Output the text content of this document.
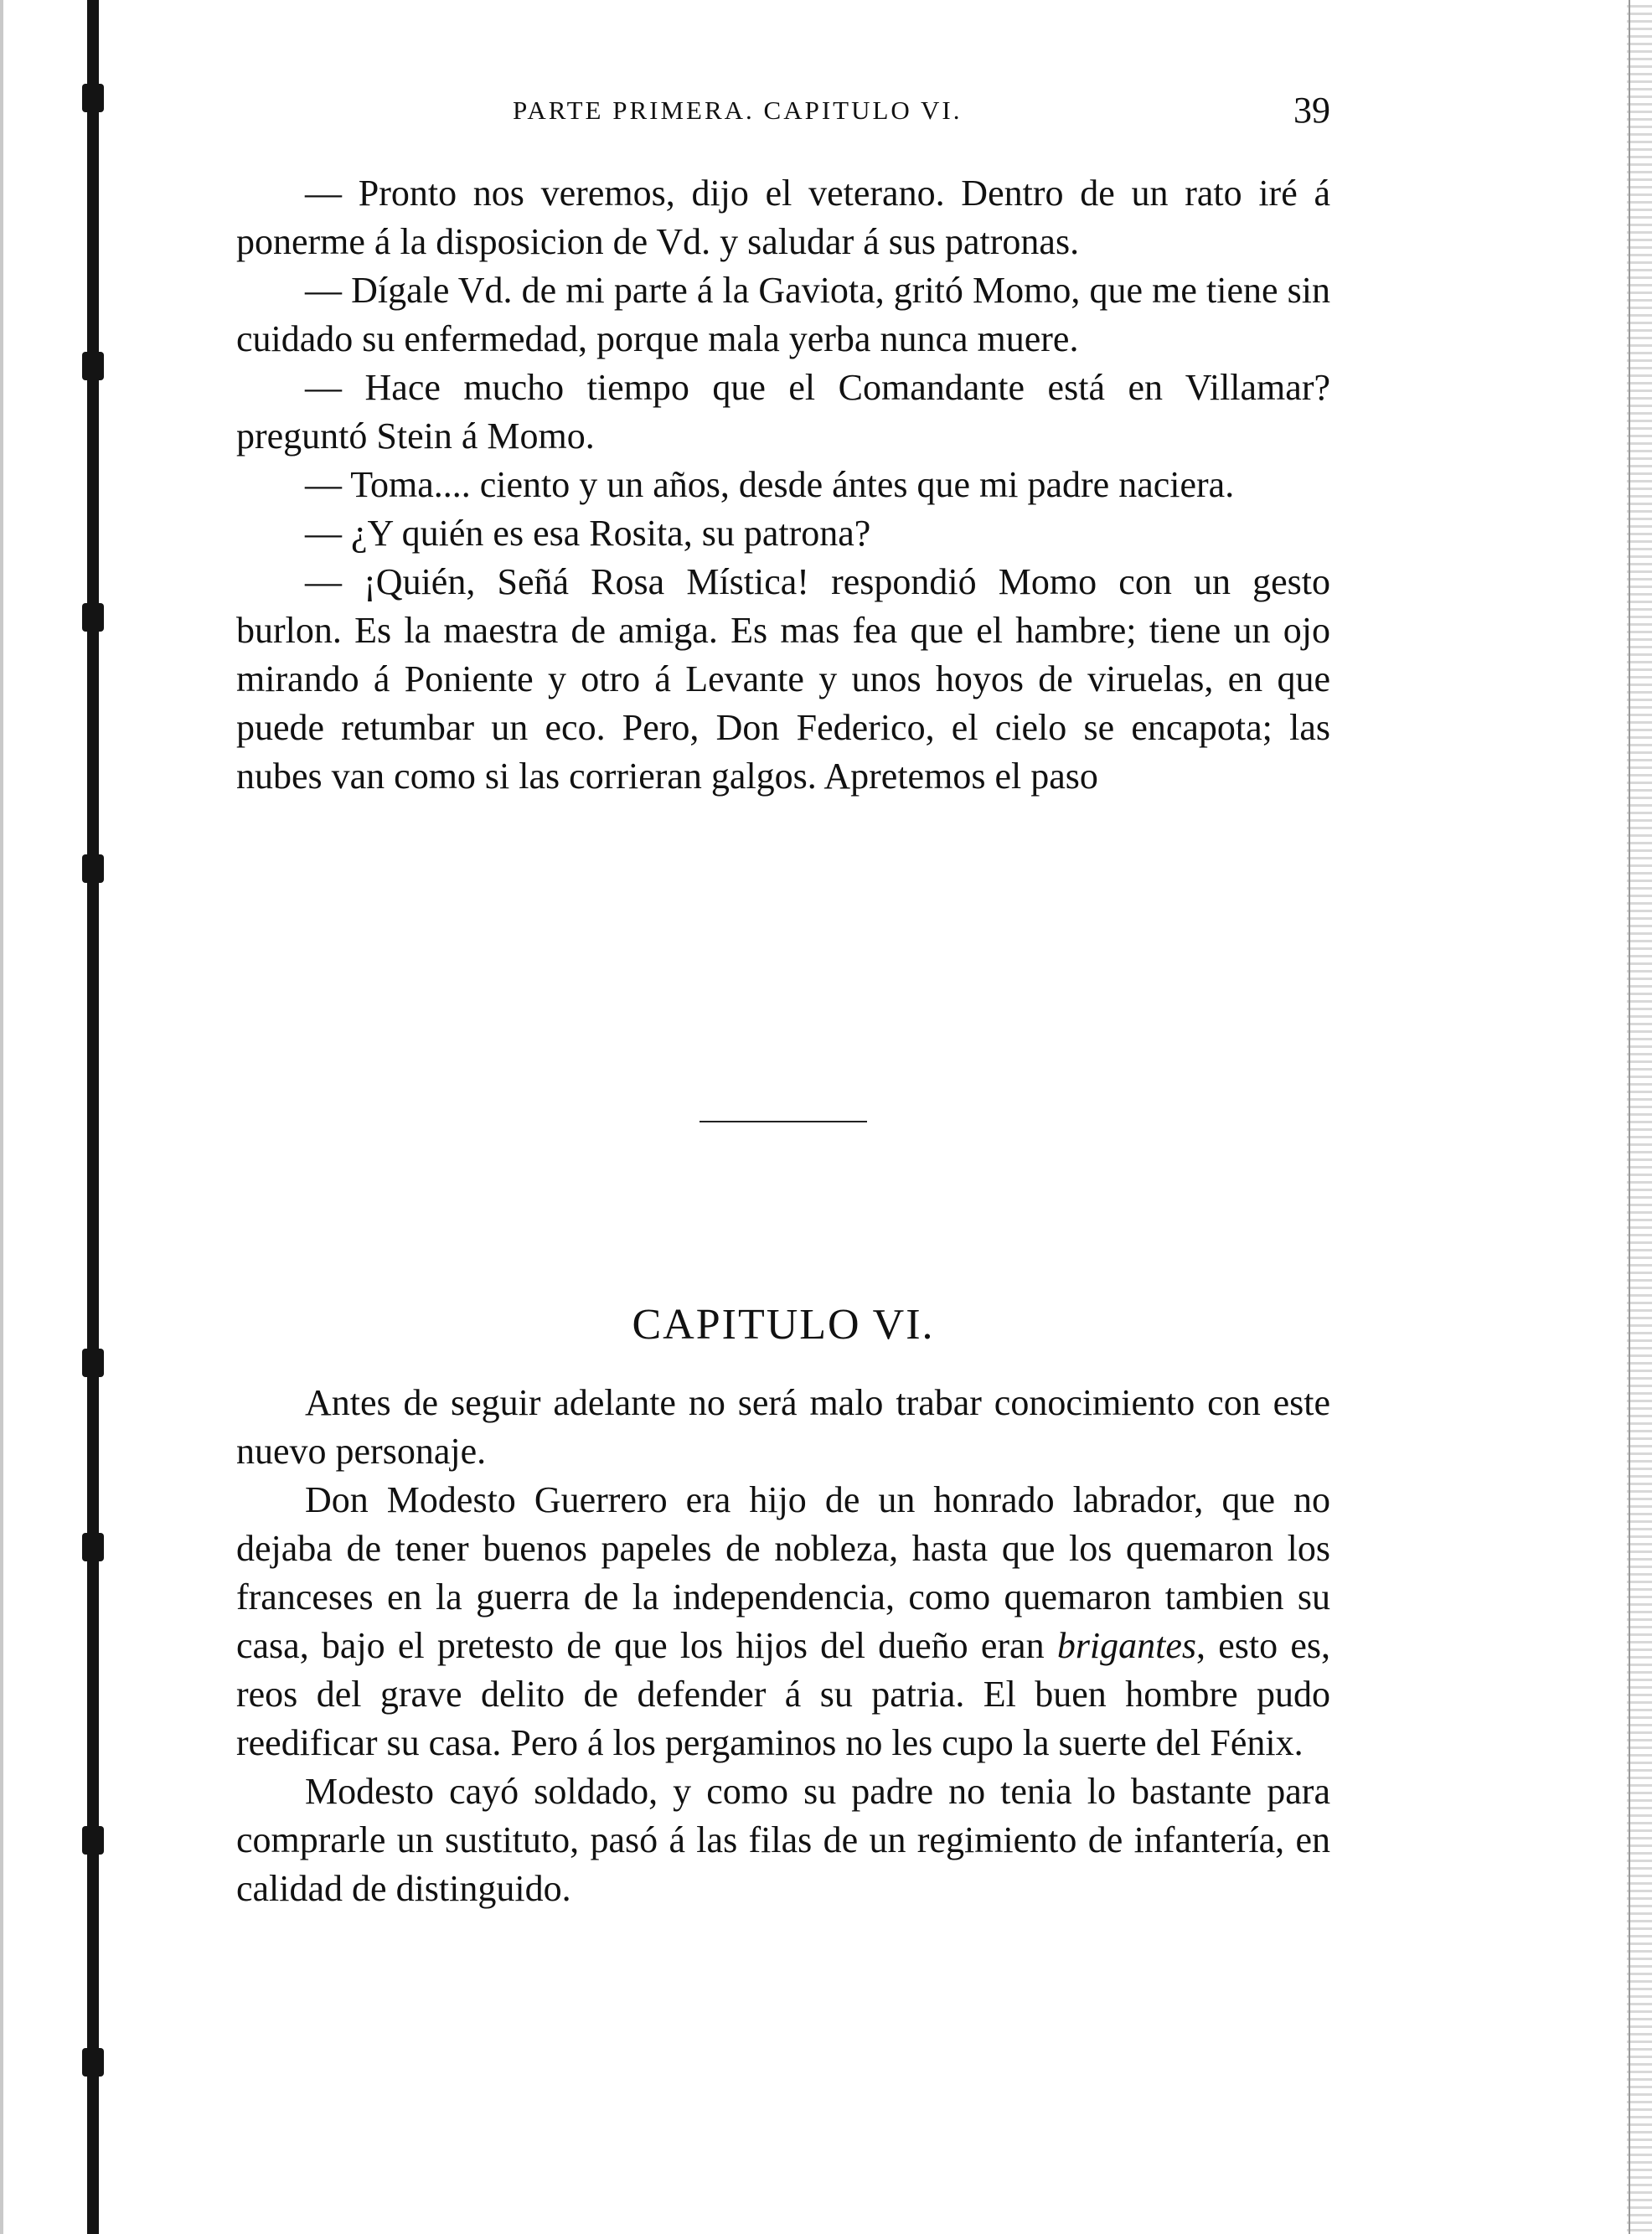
PARTE PRIMERA. CAPITULO VI.	39

— Pronto nos veremos, dijo el veterano. Dentro de un rato iré á ponerme á la disposicion de Vd. y saludar á sus patronas.

— Dígale Vd. de mi parte á la Gaviota, gritó Momo, que me tiene sin cuidado su enfermedad, porque mala yerba nunca muere.

— Hace mucho tiempo que el Comandante está en Villamar? preguntó Stein á Momo.

— Toma.... ciento y un años, desde ántes que mi padre naciera.

— ¿Y quién es esa Rosita, su patrona?

— ¡Quién, Señá Rosa Mística! respondió Momo con un gesto burlon. Es la maestra de amiga. Es mas fea que el hambre; tiene un ojo mirando á Poniente y otro á Levante y unos hoyos de viruelas, en que puede retumbar un eco. Pero, Don Federico, el cielo se encapota; las nubes van como si las corrieran galgos. Apretemos el paso

CAPITULO VI.

Antes de seguir adelante no será malo trabar conocimiento con este nuevo personaje.

Don Modesto Guerrero era hijo de un honrado labrador, que no dejaba de tener buenos papeles de nobleza, hasta que los quemaron los franceses en la guerra de la independencia, como quemaron tambien su casa, bajo el pretesto de que los hijos del dueño eran brigantes, esto es, reos del grave delito de defender á su patria. El buen hombre pudo reedificar su casa. Pero á los pergaminos no les cupo la suerte del Fénix.

Modesto cayó soldado, y como su padre no tenia lo bastante para comprarle un sustituto, pasó á las filas de un regimiento de infantería, en calidad de distinguido.
